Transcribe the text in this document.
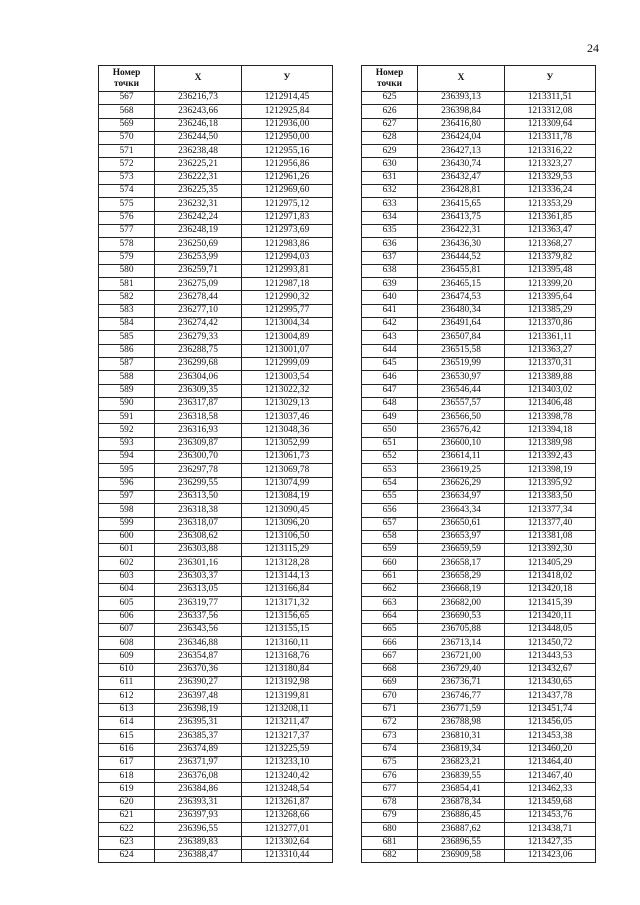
24
Номер
точки	X	У
567	236216,73	1212914,45
568	236243,66	1212925,84
569	236246,18	1212936,00
570	236244,50	1212950,00
571	236238,48	1212955,16
572	236225,21	1212956,86
573	236222,31	1212961,26
574	236225,35	1212969,60
575	236232,31	1212975,12
576	236242,24	1212971,83
577	236248,19	1212973,69
578	236250,69	1212983,86
579	236253,99	1212994,03
580	236259,71	1212993,81
581	236275,09	1212987,18
582	236278,44	1212990,32
583	236277,10	1212995,77
584	236274,42	1213004,34
585	236279,33	1213004,89
586	236288,75	1213001,07
587	236299,68	1212999,09
588	236304,06	1213003,54
589	236309,35	1213022,32
590	236317,87	1213029,13
591	236318,58	1213037,46
592	236316,93	1213048,36
593	236309,87	1213052,99
594	236300,70	1213061,73
595	236297,78	1213069,78
596	236299,55	1213074,99
597	236313,50	1213084,19
598	236318,38	1213090,45
599	236318,07	1213096,20
600	236308,62	1213106,50
601	236303,88	1213115,29
602	236301,16	1213128,28
603	236303,37	1213144,13
604	236313,05	1213166,84
605	236319,77	1213171,32
606	236337,56	1213156,65
607	236343,56	1213155,15
608	236346,88	1213160,11
609	236354,87	1213168,76
610	236370,36	1213180,84
611	236390,27	1213192,98
612	236397,48	1213199,81
613	236398,19	1213208,11
614	236395,31	1213211,47
615	236385,37	1213217,37
616	236374,89	1213225,59
617	236371,97	1213233,10
618	236376,08	1213240,42
619	236384,86	1213248,54
620	236393,31	1213261,87
621	236397,93	1213268,66
622	236396,55	1213277,01
623	236389,83	1213302,64
624	236388,47	1213310,44
Номер
точки	X	У
625	236393,13	1213311,51
626	236398,84	1213312,08
627	236416,80	1213309,64
628	236424,04	1213311,78
629	236427,13	1213316,22
630	236430,74	1213323,27
631	236432,47	1213329,53
632	236428,81	1213336,24
633	236415,65	1213353,29
634	236413,75	1213361,85
635	236422,31	1213363,47
636	236436,30	1213368,27
637	236444,52	1213379,82
638	236455,81	1213395,48
639	236465,15	1213399,20
640	236474,53	1213395,64
641	236480,34	1213385,29
642	236491,64	1213370,86
643	236507,84	1213361,11
644	236515,58	1213363,27
645	236519,99	1213370,31
646	236530,97	1213389,88
647	236546,44	1213403,02
648	236557,57	1213406,48
649	236566,50	1213398,78
650	236576,42	1213394,18
651	236600,10	1213389,98
652	236614,11	1213392,43
653	236619,25	1213398,19
654	236626,29	1213395,92
655	236634,97	1213383,50
656	236643,34	1213377,34
657	236650,61	1213377,40
658	236653,97	1213381,08
659	236659,59	1213392,30
660	236658,17	1213405,29
661	236658,29	1213418,02
662	236668,19	1213420,18
663	236682,00	1213415,39
664	236690,53	1213420,11
665	236705,88	1213448,05
666	236713,14	1213450,72
667	236721,00	1213443,53
668	236729,40	1213432,67
669	236736,71	1213430,65
670	236746,77	1213437,78
671	236771,59	1213451,74
672	236788,98	1213456,05
673	236810,31	1213453,38
674	236819,34	1213460,20
675	236823,21	1213464,40
676	236839,55	1213467,40
677	236854,41	1213462,33
678	236878,34	1213459,68
679	236886,45	1213453,76
680	236887,62	1213438,71
681	236896,55	1213427,35
682	236909,58	1213423,06
